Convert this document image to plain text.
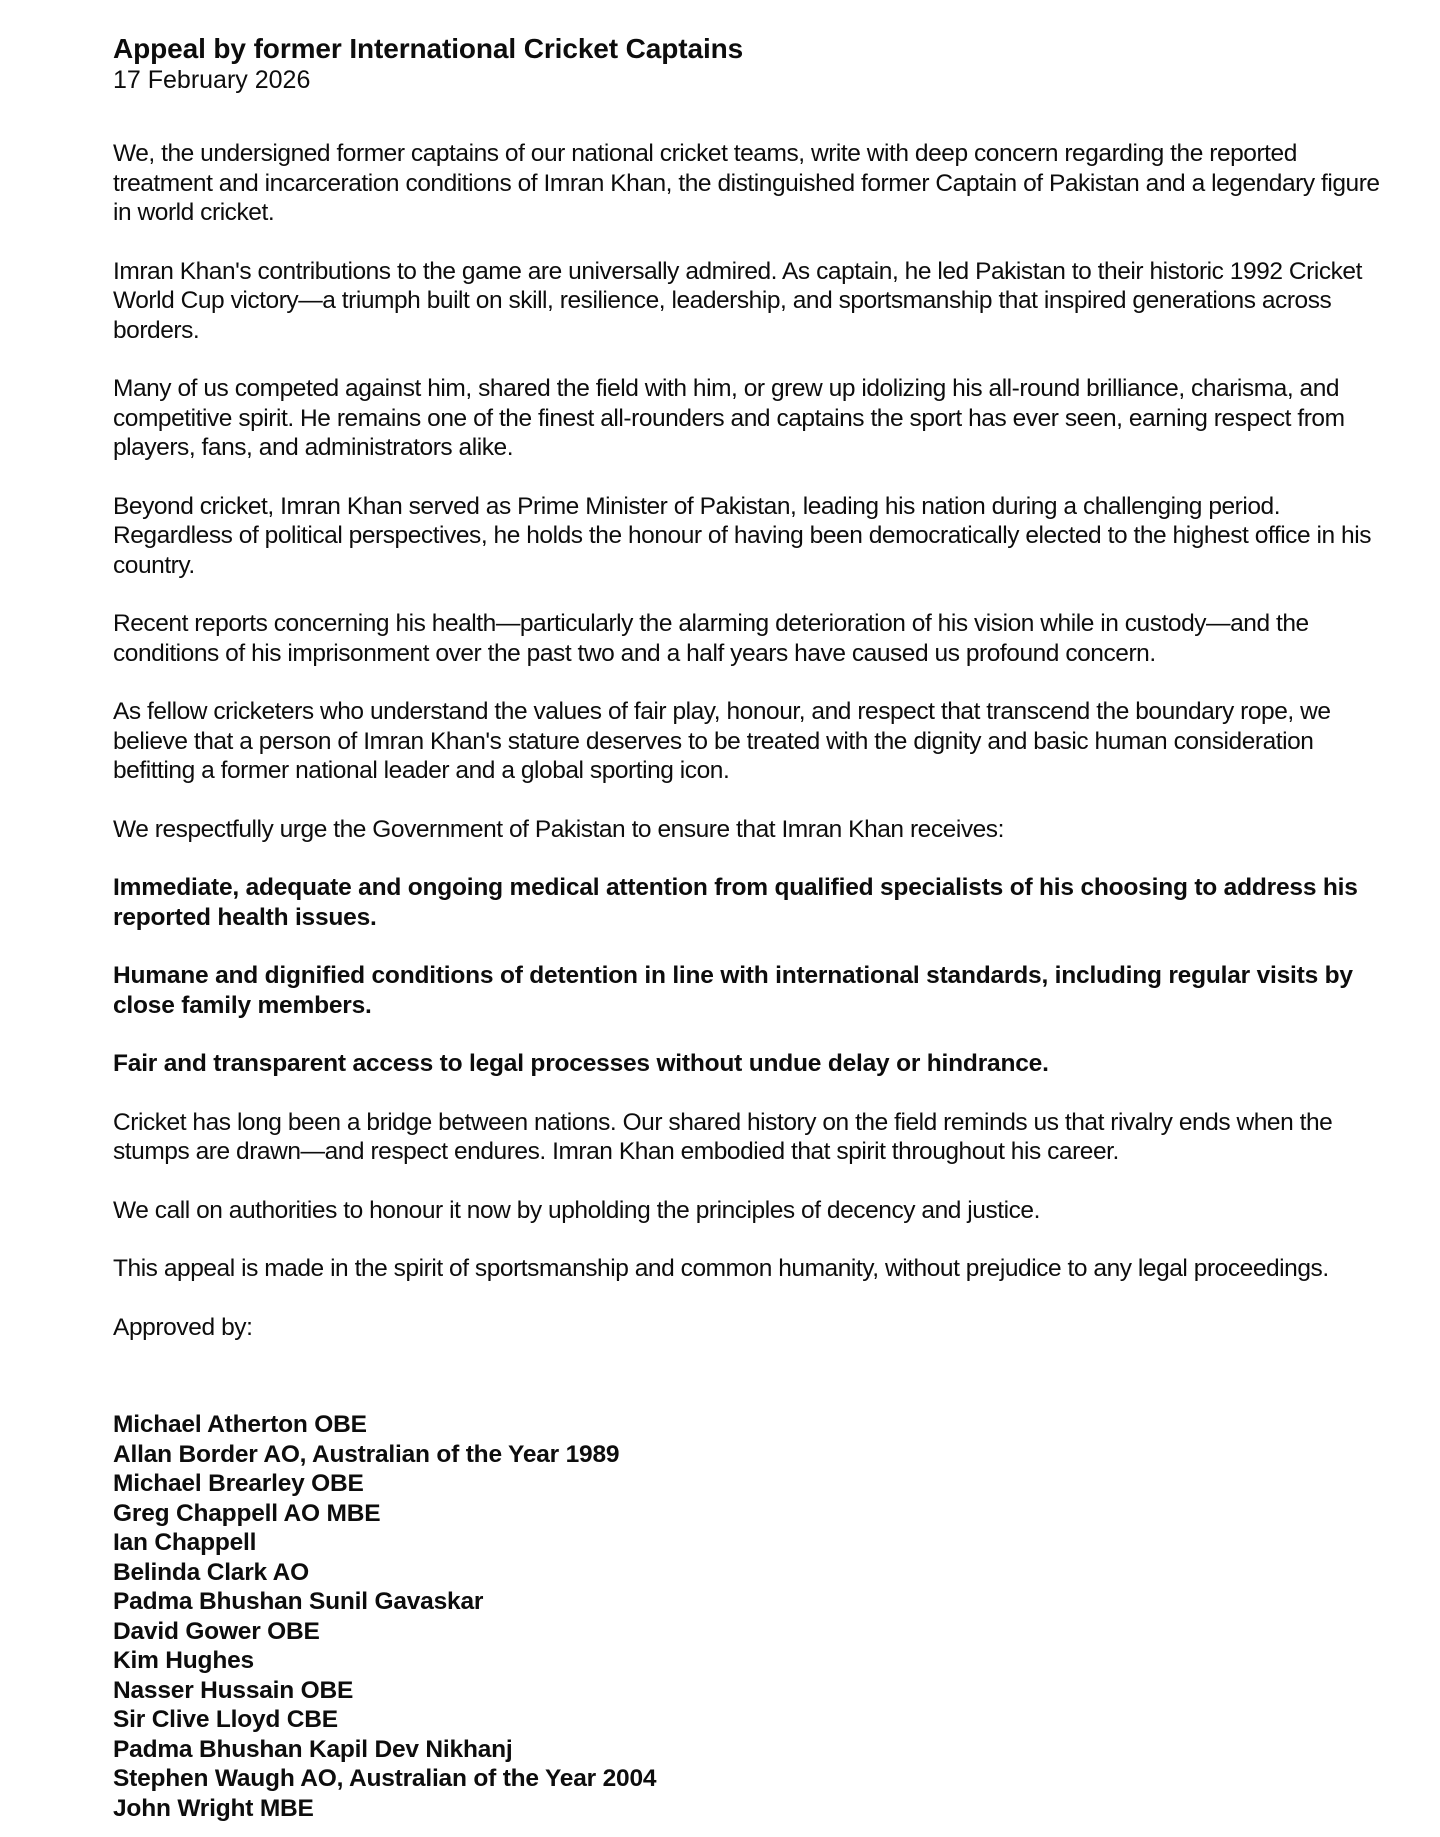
Appeal by former International Cricket Captains

17 February 2026

We, the undersigned former captains of our national cricket teams, write with deep concern regarding the reported treatment and incarceration conditions of Imran Khan, the distinguished former Captain of Pakistan and a legendary figure in world cricket.

Imran Khan's contributions to the game are universally admired. As captain, he led Pakistan to their historic 1992 Cricket World Cup victory—a triumph built on skill, resilience, leadership, and sportsmanship that inspired generations across borders.

Many of us competed against him, shared the field with him, or grew up idolizing his all-round brilliance, charisma, and competitive spirit. He remains one of the finest all-rounders and captains the sport has ever seen, earning respect from players, fans, and administrators alike.

Beyond cricket, Imran Khan served as Prime Minister of Pakistan, leading his nation during a challenging period. Regardless of political perspectives, he holds the honour of having been democratically elected to the highest office in his country.

Recent reports concerning his health—particularly the alarming deterioration of his vision while in custody—and the conditions of his imprisonment over the past two and a half years have caused us profound concern.

As fellow cricketers who understand the values of fair play, honour, and respect that transcend the boundary rope, we believe that a person of Imran Khan's stature deserves to be treated with the dignity and basic human consideration befitting a former national leader and a global sporting icon.

We respectfully urge the Government of Pakistan to ensure that Imran Khan receives:

Immediate, adequate and ongoing medical attention from qualified specialists of his choosing to address his reported health issues.

Humane and dignified conditions of detention in line with international standards, including regular visits by close family members.

Fair and transparent access to legal processes without undue delay or hindrance.

Cricket has long been a bridge between nations. Our shared history on the field reminds us that rivalry ends when the stumps are drawn—and respect endures. Imran Khan embodied that spirit throughout his career.

We call on authorities to honour it now by upholding the principles of decency and justice.

This appeal is made in the spirit of sportsmanship and common humanity, without prejudice to any legal proceedings.

Approved by:

Michael Atherton OBE
Allan Border AO, Australian of the Year 1989
Michael Brearley OBE
Greg Chappell AO MBE
Ian Chappell
Belinda Clark AO
Padma Bhushan Sunil Gavaskar
David Gower OBE
Kim Hughes
Nasser Hussain OBE
Sir Clive Lloyd CBE
Padma Bhushan Kapil Dev Nikhanj
Stephen Waugh AO, Australian of the Year 2004
John Wright MBE
